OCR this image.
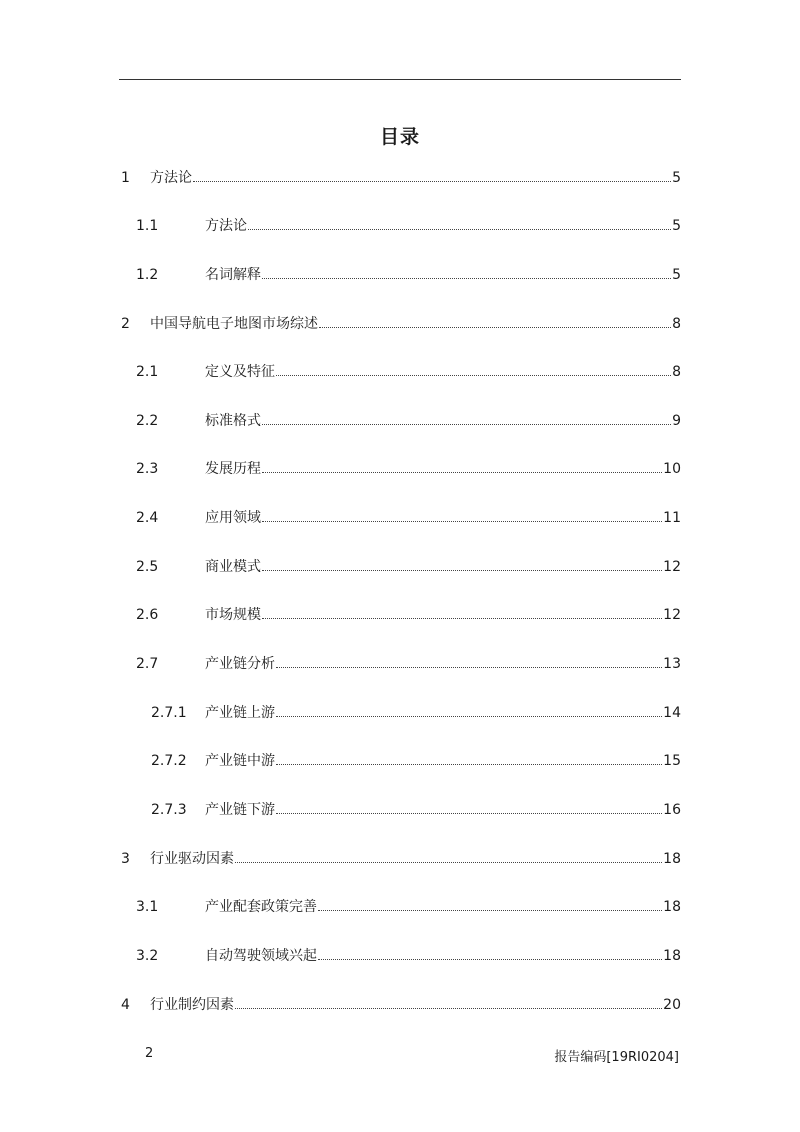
目录
1	方法论	5
1.1	方法论	5
1.2	名词解释	5
2	中国导航电子地图市场综述	8
2.1	定义及特征	8
2.2	标准格式	9
2.3	发展历程	10
2.4	应用领域	11
2.5	商业模式	12
2.6	市场规模	12
2.7	产业链分析	13
2.7.1	产业链上游	14
2.7.2	产业链中游	15
2.7.3	产业链下游	16
3	行业驱动因素	18
3.1	产业配套政策完善	18
3.2	自动驾驶领域兴起	18
4	行业制约因素	20
2	报告编码[19RI0204]
